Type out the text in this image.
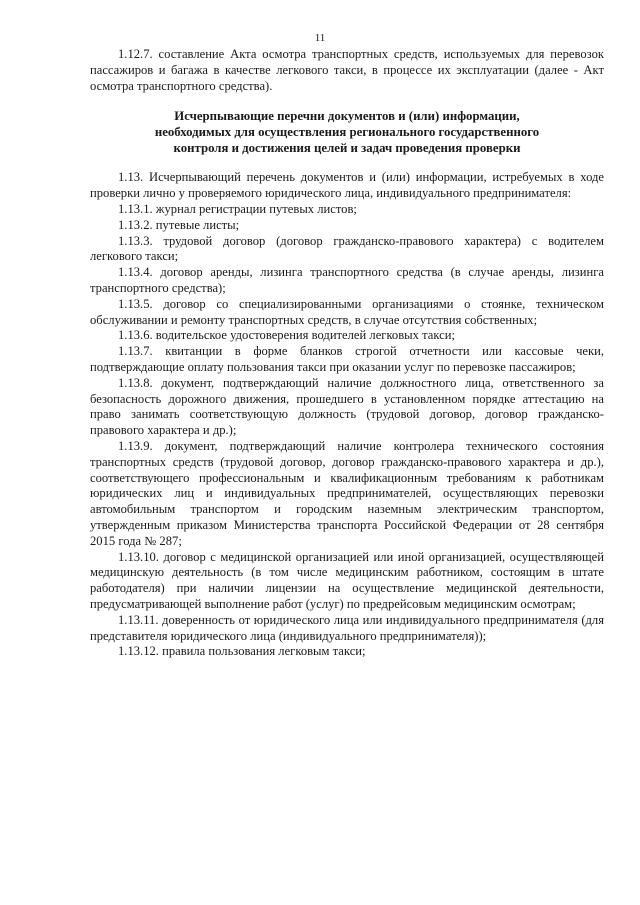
11

1.12.7. составление Акта осмотра транспортных средств, используемых для перевозок пассажиров и багажа в качестве легкового такси, в процессе их эксплуатации (далее - Акт осмотра транспортного средства).

Исчерпывающие перечни документов и (или) информации,
необходимых для осуществления регионального государственного
контроля и достижения целей и задач проведения проверки

1.13. Исчерпывающий перечень документов и (или) информации, истребуемых в ходе проверки лично у проверяемого юридического лица, индивидуального предпринимателя:

1.13.1. журнал регистрации путевых листов;

1.13.2. путевые листы;

1.13.3. трудовой договор (договор гражданско-правового характера) с водителем легкового такси;

1.13.4. договор аренды, лизинга транспортного средства (в случае аренды, лизинга транспортного средства);

1.13.5. договор со специализированными организациями о стоянке, техническом обслуживании и ремонту транспортных средств, в случае отсутствия собственных;

1.13.6. водительское удостоверения водителей легковых такси;

1.13.7. квитанции в форме бланков строгой отчетности или кассовые чеки, подтверждающие оплату пользования такси при оказании услуг по перевозке пассажиров;

1.13.8. документ, подтверждающий наличие должностного лица, ответственного за безопасность дорожного движения, прошедшего в установленном порядке аттестацию на право занимать соответствующую должность (трудовой договор, договор гражданско-правового характера и др.);

1.13.9. документ, подтверждающий наличие контролера технического состояния транспортных средств (трудовой договор, договор гражданско-правового характера и др.), соответствующего профессиональным и квалификационным требованиям к работникам юридических лиц и индивидуальных предпринимателей, осуществляющих перевозки автомобильным транспортом и городским наземным электрическим транспортом, утвержденным приказом Министерства транспорта Российской Федерации от 28 сентября 2015 года № 287;

1.13.10. договор с медицинской организацией или иной организацией, осуществляющей медицинскую деятельность (в том числе медицинским работником, состоящим в штате работодателя) при наличии лицензии на осуществление медицинской деятельности, предусматривающей выполнение работ (услуг) по предрейсовым медицинским осмотрам;

1.13.11. доверенность от юридического лица или индивидуального предпринимателя (для представителя юридического лица (индивидуального предпринимателя));

1.13.12. правила пользования легковым такси;
